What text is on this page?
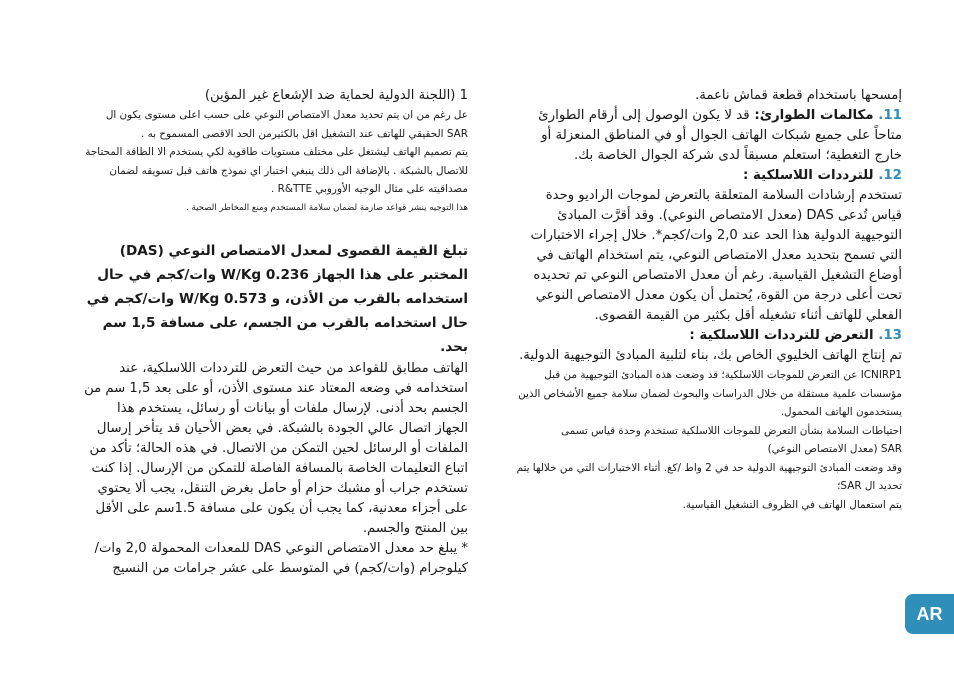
إمسحها باستخدام قطعة قماش ناعمة.

11. مكالمات الطوارئ: قد لا يكون الوصول إلى أرقام الطوارئ متاحاً على جميع شبكات الهاتف الجوال أو في المناطق المنعزلة أو خارج التغطية؛ استعلم مسبقاً لدى شركة الجوال الخاصة بك.

12. للترددات اللاسلكية :

تستخدم إرشادات السلامة المتعلقة بالتعرض لموجات الراديو وحدة قياس تُدعى DAS (معدل الامتصاص النوعي). وقد أقرَّت المبادئ التوجيهية الدولية هذا الحد عند 2,0 وات/كجم*. خلال إجراء الاختبارات التي تسمح بتحديد معدل الامتصاص النوعي، يتم استخدام الهاتف في أوضاع التشغيل القياسية. رغم أن معدل الامتصاص النوعي تم تحديده تحت أعلى درجة من القوة، يُحتمل أن يكون معدل الامتصاص النوعي الفعلي للهاتف أثناء تشغيله أقل بكثير من القيمة القصوى.

13. التعرض للترددات اللاسلكية :

تم إنتاج الهاتف الخليوي الخاص بك، بناء لتلبية المبادئ التوجيهية الدولية.

ICNIRP1 عن التعرض للموجات اللاسلكية؛ قد وضعت هذه المبادئ التوجيهية من قبل مؤسسات علمية مستقلة من خلال الدراسات والبحوث لضمان سلامة جميع الأشخاص الذين يستخدمون الهاتف المحمول.

احتياطات السلامة بشأن التعرض للموجات اللاسلكية تستخدم وحدة قياس تسمى

SAR (معدل الامتصاص النوعي)

وقد وضعت المبادئ التوجيهية الدولية حد في 2 واط /كغ. أثناء الاختبارات التي من خلالها يتم تحديد ال SAR؛

يتم استعمال الهاتف في الظروف التشغيل القياسية.

1 (اللجنة الدولية لحماية ضد الإشعاع غير المؤين)

عل رغم من ان يتم تحديد معدل الامتصاص النوعي على حسب اعلى مستوى يكون ال SAR الحقيقي للهاتف عند التشغيل اقل بالكثيرمن الحد الاقصى المسموح به .

يتم تصميم الهاتف ليشتغل على مختلف مستويات طاقوية لكي يستخدم الا الطاقة المحتاجة للاتصال بالشبكة . بالإضافة الى ذلك ينبغي اختبار اي نموذج هاتف قبل تسويقه لضمان مصداقيته على مثال الوجيه الأوروبي R&TTE .

هذا التوجيه ينشر قواعد صارمة لضمان سلامة المستخدم ومنع المخاطر الصحية .

تبلغ القيمة القصوى لمعدل الامتصاص النوعي (DAS) المختبر على هذا الجهاز 0.236 W/Kg وات/كجم في حال استخدامه بالقرب من الأذن، و 0.573 W/Kg وات/كجم في حال استخدامه بالقرب من الجسم، على مسافة 1,5 سم بحد.

الهاتف مطابق للقواعد من حيث التعرض للترددات اللاسلكية، عند استخدامه في وضعه المعتاد عند مستوى الأذن، أو على بعد 1,5 سم من الجسم بحد أدنى. لإرسال ملفات أو بيانات أو رسائل، يستخدم هذا الجهاز اتصال عالي الجودة بالشبكة. في بعض الأحيان قد يتأخر إرسال الملفات أو الرسائل لحين التمكن من الاتصال. في هذه الحالة؛ تأكد من اتباع التعليمات الخاصة بالمسافة الفاصلة للتمكن من الإرسال. إذا كنت تستخدم جراب أو مشبك حزام أو حامل بغرض التنقل، يجب ألا يحتوي على أجزاء معدنية، كما يجب أن يكون على مسافة 1.5سم على الأقل بين المنتج والجسم.

* يبلغ حد معدل الامتصاص النوعي DAS للمعدات المحمولة 2,0 وات/ كيلوجرام (وات/كجم) في المتوسط على عشر جرامات من النسيج

AR
